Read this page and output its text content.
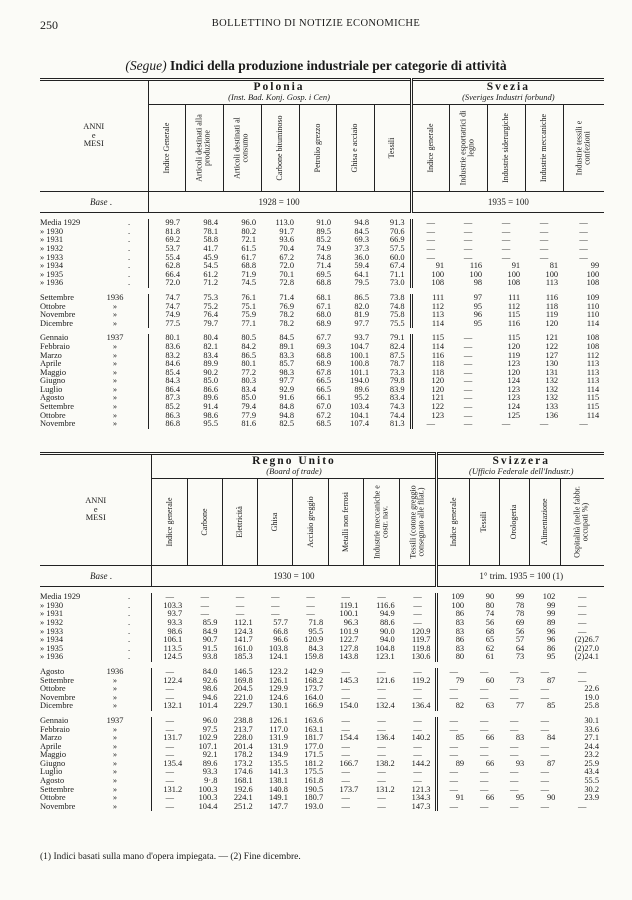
250	BOLLETTINO DI NOTIZIE ECONOMICHE
(Segue) Indici della produzione industriale per categorie di attività
ANNI
e
MESI	Polonia
(Inst. Bad. Konj. Gosp. i Cen)							Svezia
(Sveriges Industri forbund)				

	Indice Generale	Articoli destinati alla produzione	Articoli destinati al consumo	Carbone bituminoso	Petrolio grezzo	Ghisa e acciaio	Tessili	Indice generale	Industrie esportatrici di legno	Industrie siderurgiche	Industrie meccaniche	Industrie tessili e confezioni

Base .	1928 = 100							1935 = 100				

Media 1929 .	99.7	98.4	96.0	113.0	91.0	94.8	91.3	—	—	—	—	—
» 1930 .	81.8	78.1	80.2	91.7	89.5	84.5	70.6	—	—	—	—	—
» 1931 .	69.2	58.8	72.1	93.6	85.2	69.3	66.9	—	—	—	—	—
» 1932 .	53.7	41.7	61.5	70.4	74.9	37.3	57.5	—	—	—	—	—
» 1933 .	55.4	45.9	61.7	67.2	74.8	36.0	60.0	—	—	—	—	—
» 1934 .	62.8	54.5	68.8	72.0	71.4	59.4	67.4	91	116	91	81	99
» 1935 .	66.4	61.2	71.9	70.1	69.5	64.1	71.1	100	100	100	100	100
» 1936 .	72.0	71.2	74.5	72.8	68.8	79.5	73.0	108	98	108	113	108

Settembre 1936	74.7	75.3	76.1	71.4	68.1	86.5	73.8	111	97	111	116	109
Ottobre »	74.7	75.2	75.1	76.9	67.1	82.0	74.8	112	95	112	118	110
Novembre »	74.9	76.4	75.9	78.2	68.0	81.9	75.8	113	96	115	119	110
Dicembre »	77.5	79.7	77.1	78.2	68.9	97.7	75.5	114	95	116	120	114

Gennaio 1937	80.1	80.4	80.5	84.5	67.7	93.7	79.1	115	—	115	121	108
Febbraio »	83.6	82.1	84.2	89.1	69.3	104.7	82.4	114	—	120	122	108
Marzo »	83.2	83.4	86.5	83.3	68.8	100.1	87.5	116	—	119	127	112
Aprile »	84.6	89.9	80.1	85.7	68.9	100.8	78.7	118	—	123	130	113
Maggio »	85.4	90.2	77.2	98.3	67.8	101.1	73.3	118	—	120	131	113
Giugno »	84.3	85.0	80.3	97.7	66.5	194.0	79.8	120	—	124	132	113
Luglio »	86.4	86.6	83.4	92.9	66.5	89.6	83.9	120	—	123	132	114
Agosto »	87.3	89.6	85.0	91.6	66.1	95.2	83.4	121	—	123	132	115
Settembre »	85.2	91.4	79.4	84.8	67.0	103.4	74.3	122	—	124	133	115
Ottobre »	86.3	98.6	77.9	94.8	67.2	104.1	74.4	123	—	125	136	114
Novembre »	86.8	95.5	81.6	82.5	68.5	107.4	81.3	—	—	—	—	—
ANNI
e
MESI	Regno Unito
(Board of trade)								Svizzera
(Ufficio Federale dell'Industr.)				

	Indice generale	Carbone	Elettricità	Ghisa	Acciaio greggio	Metalli non ferrosi	Industrie meccaniche e costr. nav.	Tessili (cotone greggio consegnato alle filat.)	Indice generale	Tessili	Orologeria	Alimentazione	Ospitalità (nelle fabbr. occupati %)

Base .	1930 = 100								1° trim. 1935 = 100 (1)				

Media 1929 .	—	—	—	—	—	—	—	—	109	90	99	102	—
» 1930 .	103.3	—	—	—	—	119.1	116.6	—	100	80	78	99	—
» 1931 .	93.7	—	—	—	—	100.1	94.9	—	86	74	78	99	—
» 1932 .	93.3	85.9	112.1	57.7	71.8	96.3	88.6	—	83	56	69	89	—
» 1933 .	98.6	84.9	124.3	66.8	95.5	101.9	90.0	120.9	83	68	56	96	—
» 1934 .	106.1	90.7	141.7	96.6	120.9	122.7	94.0	119.7	86	65	57	96	(2)26.7
» 1935 .	113.5	91.5	161.0	103.8	84.3	127.8	104.8	119.8	83	62	64	86	(2)27.0
» 1936 .	124.5	93.8	185.3	124.1	159.8	143.8	123.1	130.6	80	61	73	95	(2)24.1

Agosto 1936	—	84.0	146.5	123.2	142.9	—	—	—	—	—	—	—	—
Settembre »	122.4	92.6	169.8	126.1	168.2	145.3	121.6	119.2	79	60	73	87	—
Ottobre »	—	98.6	204.5	129.9	173.7	—	—	—	—	—	—	—	22.6
Novembre »	—	94.6	221.0	124.6	164.0	—	—	—	—	—	—	—	19.0
Dicembre »	132.1	101.4	229.7	130.1	166.9	154.0	132.4	136.4	82	63	77	85	25.8

Gennaio 1937	—	96.0	238.8	126.1	163.6	—	—	—	—	—	—	—	30.1
Febbraio »	—	97.5	213.7	117.0	163.1	—	—	—	—	—	—	—	33.6
Marzo »	131.7	102.9	228.0	131.9	181.7	154.4	136.4	140.2	85	66	83	84	27.1
Aprile »	—	107.1	201.4	131.9	177.0	—	—	—	—	—	—	—	24.4
Maggio »	—	92.1	178.2	134.9	171.5	—	—	—	—	—	—	—	23.2
Giugno »	135.4	89.6	173.2	135.5	181.2	166.7	138.2	144.2	89	66	93	87	25.9
Luglio »	—	93.3	174.6	141.3	175.5	—	—	—	—	—	—	—	43.4
Agosto »	—	9·.8	168.1	138.1	161.8	—	—	—	—	—	—	—	55.5
Settembre »	131.2	100.3	192.6	140.8	190.5	173.7	131.2	121.3	—	—	—	—	30.2
Ottobre »	—	100.3	224.1	149.1	180.7	—	—	134.3	91	66	95	90	23.9
Novembre »	—	104.4	251.2	147.7	193.0	—	—	147.3	—	—	—	—	—
(1) Indici basati sulla mano d'opera impiegata. — (2) Fine dicembre.
